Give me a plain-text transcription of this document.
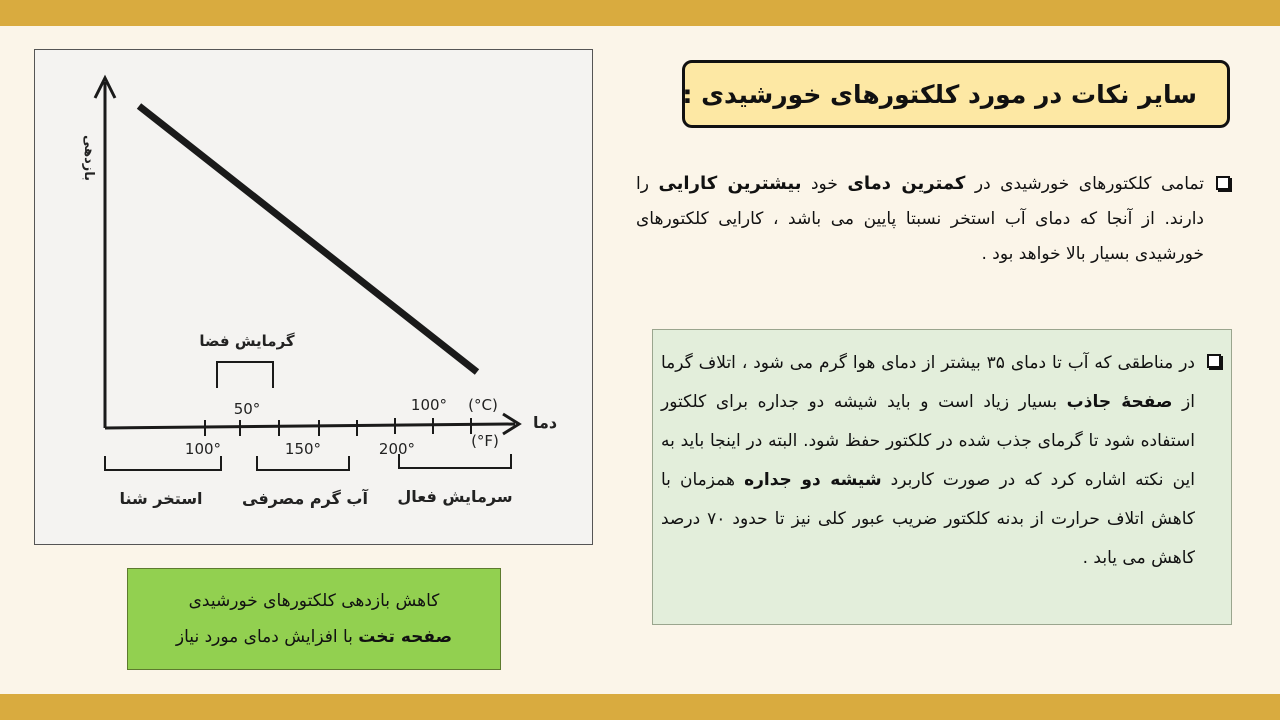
سایر نکات در مورد کلکتورهای خورشیدی :
تمامی کلکتورهای خورشیدی در کمترین دمای خود بیشترین کارایی را دارند. از آنجا که دمای آب استخر نسبتا پایین می باشد ، کارایی کلکتورهای خورشیدی بسیار بالا خواهد بود .
در مناطقی که آب تا دمای ۳۵ بیشتر از دمای هوا گرم می شود ، اتلاف گرما از صفحهٔ جاذب بسیار زیاد است و باید شیشه دو جداره برای کلکتور استفاده شود تا گرمای جذب شده در کلکتور حفظ شود. البته در اینجا باید به این نکته اشاره کرد که در صورت کاربرد شیشه دو جداره همزمان با کاهش اتلاف حرارت از بدنه کلکتور ضریب عبور کلی نیز تا حدود ۷۰ درصد کاهش می یابد .
گرمایش فضا
50°	100° (°C)
100°	150°	200°	(°F)
دما
بازدهی
استخر شنا آب گرم مصرفی سرمایش فعال
کاهش بازدهی کلکتورهای خورشیدی
صفحه تخت با افزایش دمای مورد نیاز
